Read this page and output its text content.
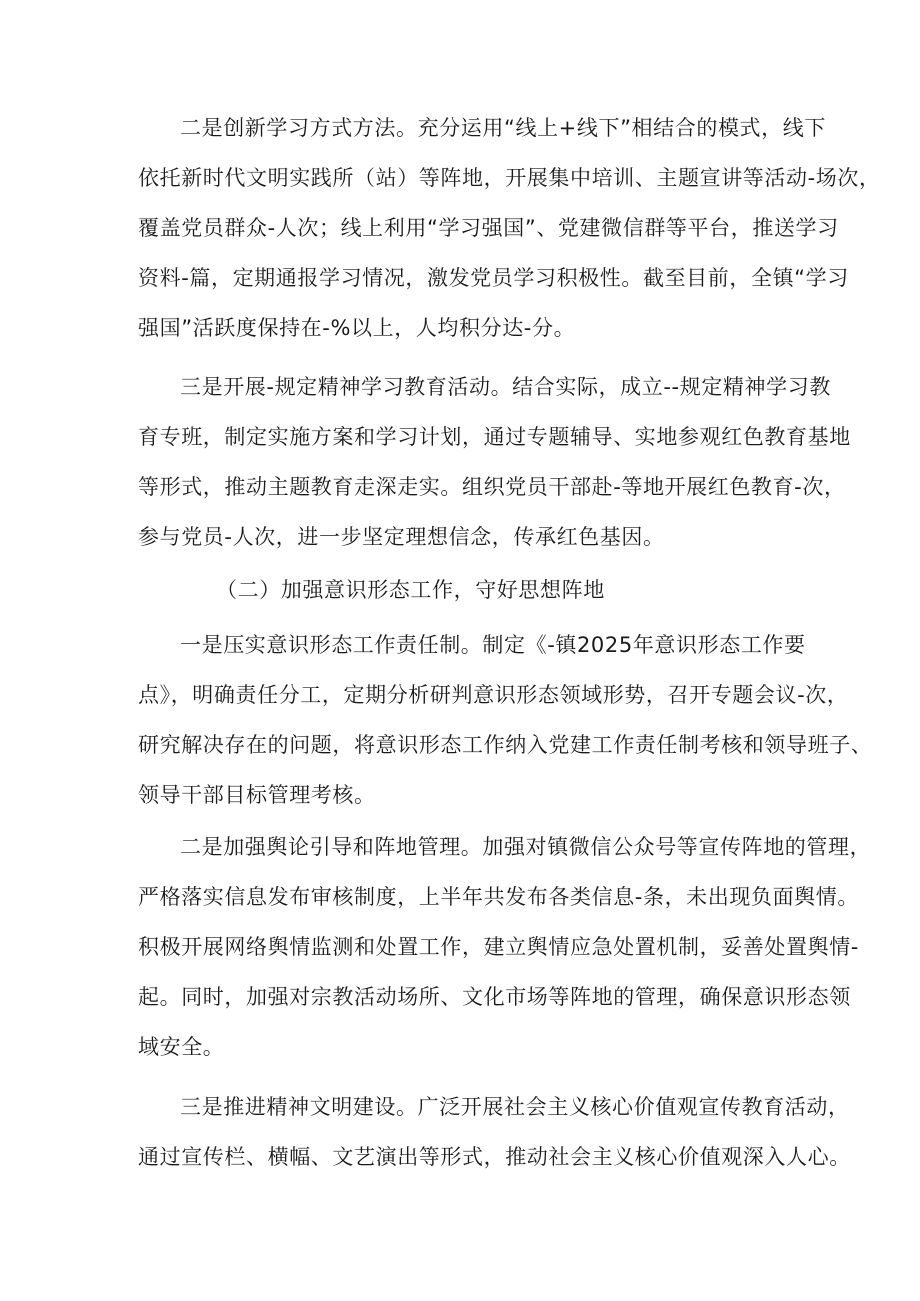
二是创新学习方式方法。充分运用“线上+线下”相结合的模式，线下
依托新时代文明实践所（站）等阵地，开展集中培训、主题宣讲等活动-场次，
覆盖党员群众-人次；线上利用“学习强国”、党建微信群等平台，推送学习
资料-篇，定期通报学习情况，激发党员学习积极性。截至目前，全镇“学习
强国”活跃度保持在-%以上，人均积分达-分。
三是开展-规定精神学习教育活动。结合实际，成立--规定精神学习教
育专班，制定实施方案和学习计划，通过专题辅导、实地参观红色教育基地
等形式，推动主题教育走深走实。组织党员干部赴-等地开展红色教育-次，
参与党员-人次，进一步坚定理想信念，传承红色基因。
（二）加强意识形态工作，守好思想阵地
一是压实意识形态工作责任制。制定《-镇2025年意识形态工作要
点》，明确责任分工，定期分析研判意识形态领域形势，召开专题会议-次，
研究解决存在的问题，将意识形态工作纳入党建工作责任制考核和领导班子、
领导干部目标管理考核。
二是加强舆论引导和阵地管理。加强对镇微信公众号等宣传阵地的管理，
严格落实信息发布审核制度，上半年共发布各类信息-条，未出现负面舆情。
积极开展网络舆情监测和处置工作，建立舆情应急处置机制，妥善处置舆情-
起。同时，加强对宗教活动场所、文化市场等阵地的管理，确保意识形态领
域安全。
三是推进精神文明建设。广泛开展社会主义核心价值观宣传教育活动，
通过宣传栏、横幅、文艺演出等形式，推动社会主义核心价值观深入人心。
